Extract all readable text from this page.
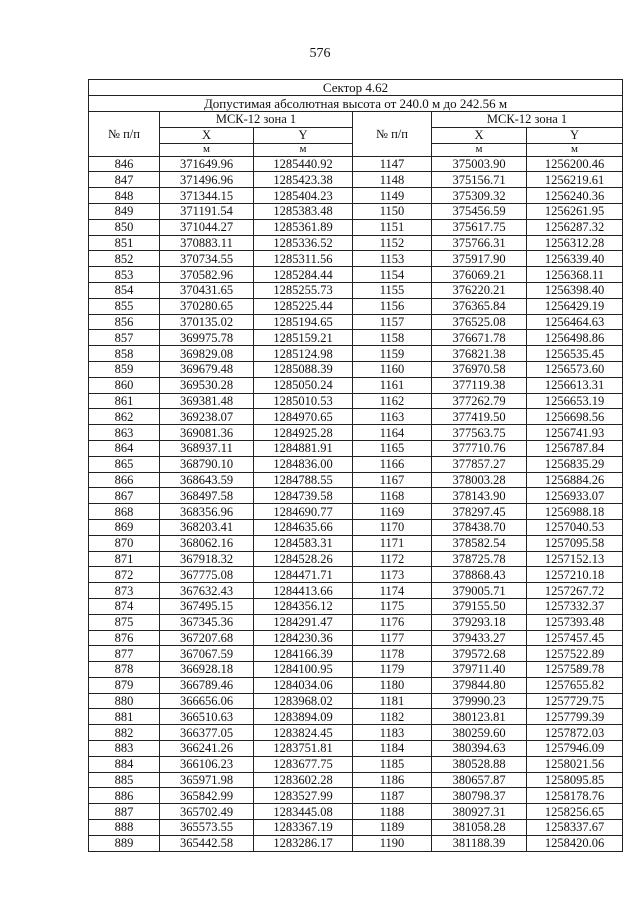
576
Сектор 4.62					
Допустимая абсолютная высота от 240.0 м до 242.56 м					
№ п/п	МСК-12 зона 1		№ п/п	МСК-12 зона 1	
	X	Y		X	Y
	м	м		м	м
846	371649.96	1285440.92	1147	375003.90	1256200.46
847	371496.96	1285423.38	1148	375156.71	1256219.61
848	371344.15	1285404.23	1149	375309.32	1256240.36
849	371191.54	1285383.48	1150	375456.59	1256261.95
850	371044.27	1285361.89	1151	375617.75	1256287.32
851	370883.11	1285336.52	1152	375766.31	1256312.28
852	370734.55	1285311.56	1153	375917.90	1256339.40
853	370582.96	1285284.44	1154	376069.21	1256368.11
854	370431.65	1285255.73	1155	376220.21	1256398.40
855	370280.65	1285225.44	1156	376365.84	1256429.19
856	370135.02	1285194.65	1157	376525.08	1256464.63
857	369975.78	1285159.21	1158	376671.78	1256498.86
858	369829.08	1285124.98	1159	376821.38	1256535.45
859	369679.48	1285088.39	1160	376970.58	1256573.60
860	369530.28	1285050.24	1161	377119.38	1256613.31
861	369381.48	1285010.53	1162	377262.79	1256653.19
862	369238.07	1284970.65	1163	377419.50	1256698.56
863	369081.36	1284925.28	1164	377563.75	1256741.93
864	368937.11	1284881.91	1165	377710.76	1256787.84
865	368790.10	1284836.00	1166	377857.27	1256835.29
866	368643.59	1284788.55	1167	378003.28	1256884.26
867	368497.58	1284739.58	1168	378143.90	1256933.07
868	368356.96	1284690.77	1169	378297.45	1256988.18
869	368203.41	1284635.66	1170	378438.70	1257040.53
870	368062.16	1284583.31	1171	378582.54	1257095.58
871	367918.32	1284528.26	1172	378725.78	1257152.13
872	367775.08	1284471.71	1173	378868.43	1257210.18
873	367632.43	1284413.66	1174	379005.71	1257267.72
874	367495.15	1284356.12	1175	379155.50	1257332.37
875	367345.36	1284291.47	1176	379293.18	1257393.48
876	367207.68	1284230.36	1177	379433.27	1257457.45
877	367067.59	1284166.39	1178	379572.68	1257522.89
878	366928.18	1284100.95	1179	379711.40	1257589.78
879	366789.46	1284034.06	1180	379844.80	1257655.82
880	366656.06	1283968.02	1181	379990.23	1257729.75
881	366510.63	1283894.09	1182	380123.81	1257799.39
882	366377.05	1283824.45	1183	380259.60	1257872.03
883	366241.26	1283751.81	1184	380394.63	1257946.09
884	366106.23	1283677.75	1185	380528.88	1258021.56
885	365971.98	1283602.28	1186	380657.87	1258095.85
886	365842.99	1283527.99	1187	380798.37	1258178.76
887	365702.49	1283445.08	1188	380927.31	1258256.65
888	365573.55	1283367.19	1189	381058.28	1258337.67
889	365442.58	1283286.17	1190	381188.39	1258420.06
